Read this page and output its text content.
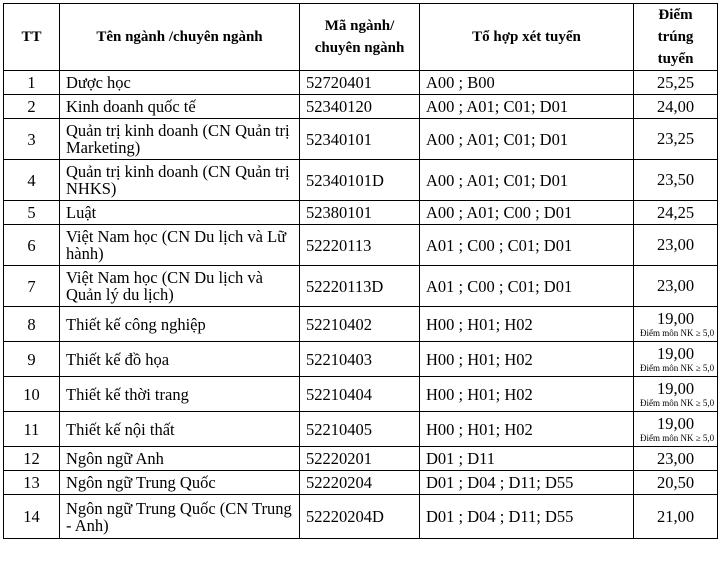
TT	Tên ngành /chuyên ngành	Mã ngành/ chuyên ngành	Tổ hợp xét tuyển	Điểm trúng tuyển
1	Dược học	52720401	A00 ; B00	25,25

2	Kinh doanh quốc tế	52340120	A00 ; A01; C01; D01	24,00

3	Quản trị kinh doanh (CN Quản trị Marketing)	52340101	A00 ; A01; C01; D01	23,25

4	Quản trị kinh doanh (CN Quản trị NHKS)	52340101D	A00 ; A01; C01; D01	23,50

5	Luật	52380101	A00 ; A01; C00 ; D01	24,25

6	Việt Nam học (CN Du lịch và Lữ hành)	52220113	A01 ; C00 ; C01; D01	23,00

7	Việt Nam học (CN Du lịch và Quản lý du lịch)	52220113D	A01 ; C00 ; C01; D01	23,00

8	Thiết kế công nghiệp	52210402	H00 ; H01; H02	19,00
Điểm môn NK ≥ 5,0

9	Thiết kế đồ họa	52210403	H00 ; H01; H02	19,00
Điểm môn NK ≥ 5,0

10	Thiết kế thời trang	52210404	H00 ; H01; H02	19,00
Điểm môn NK ≥ 5,0

11	Thiết kế nội thất	52210405	H00 ; H01; H02	19,00
Điểm môn NK ≥ 5,0

12	Ngôn ngữ Anh	52220201	D01 ; D11	23,00

13	Ngôn ngữ Trung Quốc	52220204	D01 ; D04 ; D11; D55	20,50

14	Ngôn ngữ Trung Quốc (CN Trung - Anh)	52220204D	D01 ; D04 ; D11; D55	21,00
